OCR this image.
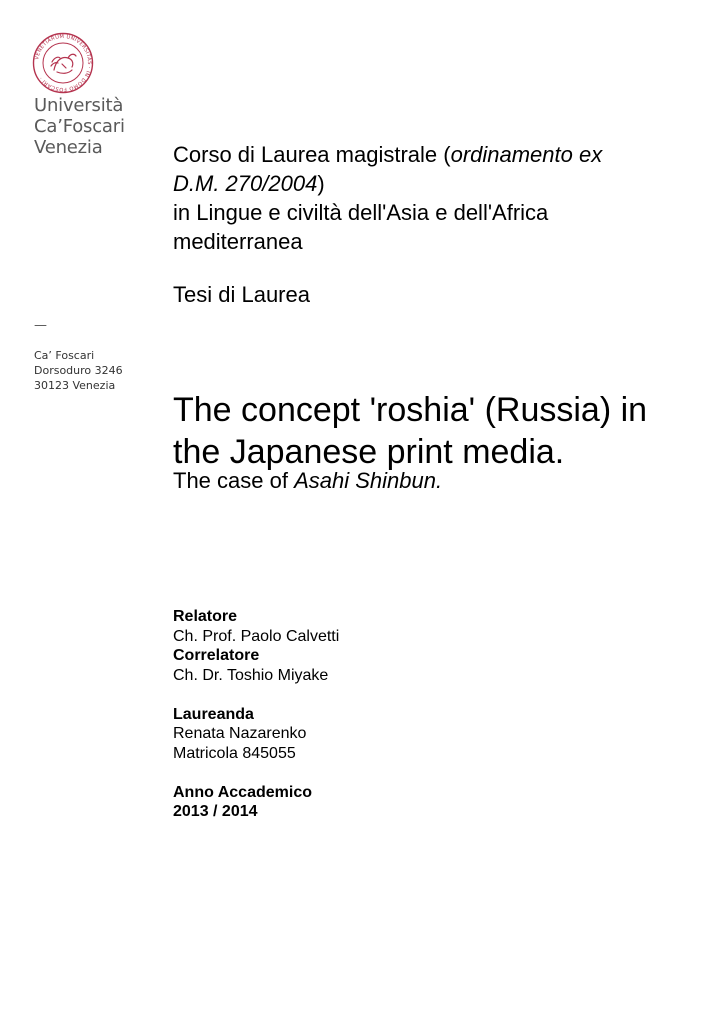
VENETIARUM UNIVERSITAS · IN DOMO FOSCARI ·
Università
Ca’Foscari
Venezia
—
Ca’ Foscari
Dorsoduro 3246
30123 Venezia
Corso di Laurea magistrale (ordinamento ex
D.M. 270/2004)
in Lingue e civiltà dell'Asia e dell'Africa
mediterranea
Tesi di Laurea
The concept 'roshia' (Russia) in
the Japanese print media.
The case of Asahi Shinbun.
Relatore
Ch. Prof. Paolo Calvetti
Correlatore
Ch. Dr. Toshio Miyake
Laureanda
Renata Nazarenko
Matricola 845055
Anno Accademico
2013 / 2014
